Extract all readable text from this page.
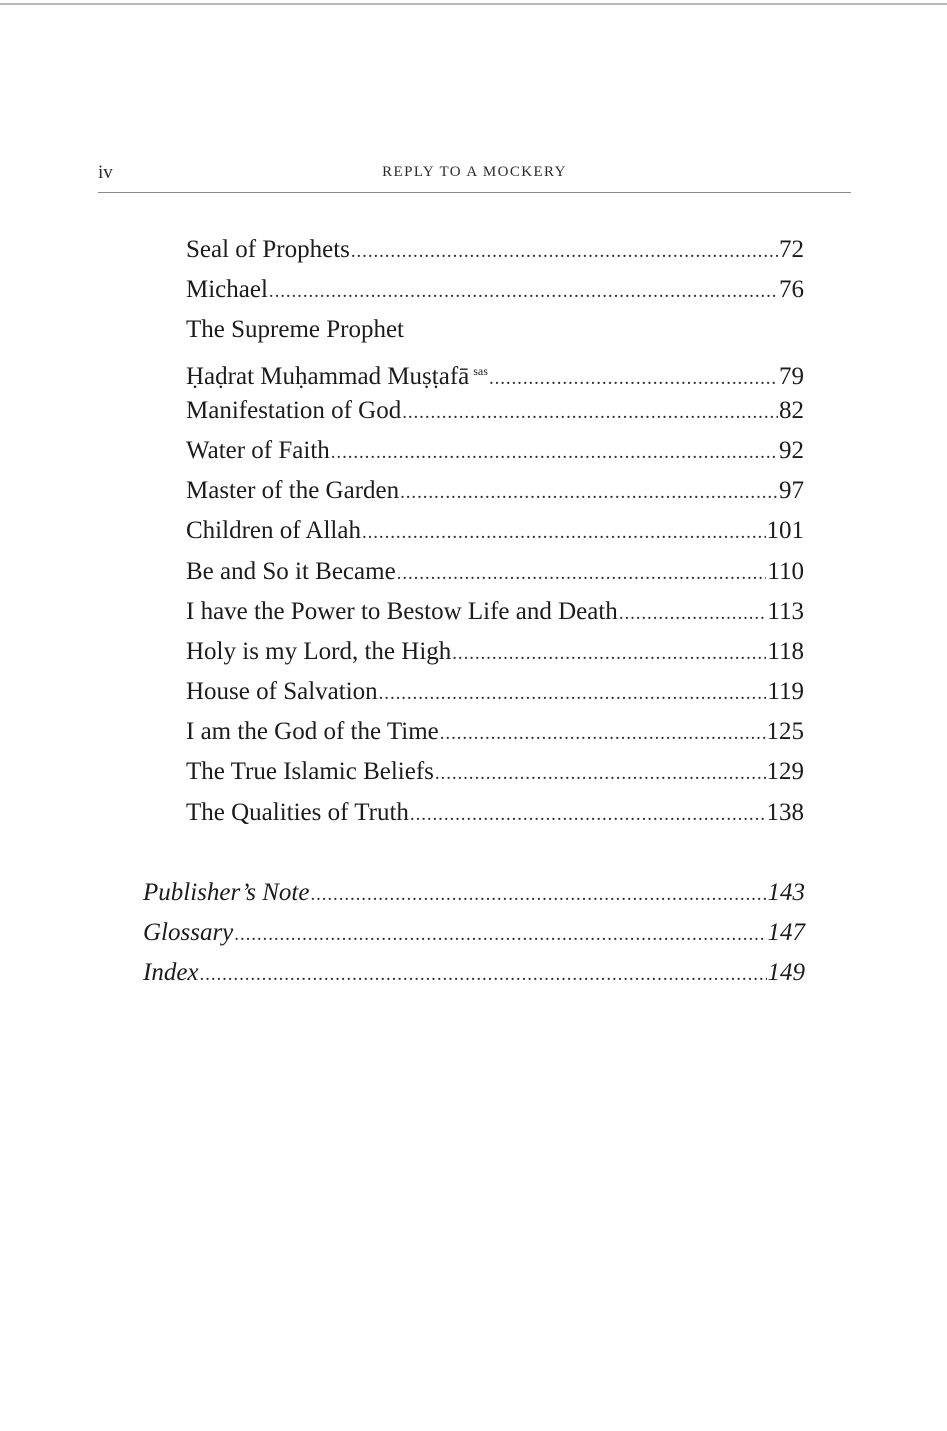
iv	REPLY TO A MOCKERY
Seal of Prophets .....	72
Michael .....	76
The Supreme Prophet
Ḥaḍrat Muḥammad Muṣṭafā $^{sas}$ .....	79
Manifestation of God .....	82
Water of Faith .....	92
Master of the Garden .....	97
Children of Allah .....	101
Be and So it Became .....	110
I have the Power to Bestow Life and Death .....	113
Holy is my Lord, the High .....	118
House of Salvation .....	119
I am the God of the Time .....	125
The True Islamic Beliefs .....	129
The Qualities of Truth .....	138
Publisher’s Note .....	143
Glossary .....	147
Index .....	149
